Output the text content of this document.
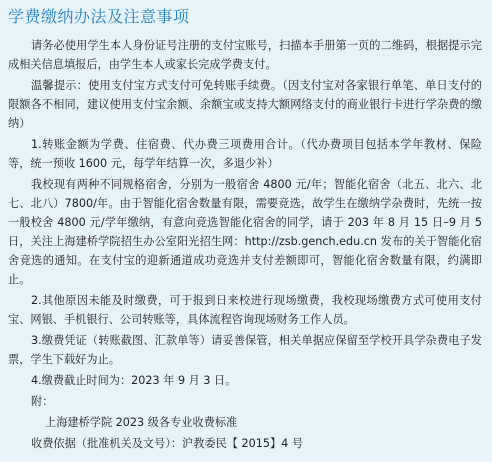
学费缴纳办法及注意事项

请务必使用学生本人身份证号注册的支付宝账号，扫描本手册第一页的二维码，根据提示完成相关信息填报后，由学生本人或家长完成学费支付。

温馨提示：使用支付宝方式支付可免转账手续费。（因支付宝对各家银行单笔、单日支付的限额各不相同，建议使用支付宝余额、余额宝或支持大额网络支付的商业银行卡进行学杂费的缴纳）

1.转账金额为学费、住宿费、代办费三项费用合计。（代办费项目包括本学年教材、保险等，统一预收 1600 元，每学年结算一次，多退少补）

我校现有两种不同规格宿舍，分别为一般宿舍 4800 元/年；智能化宿舍（北五、北六、北七、北八）7800/年。由于智能化宿舍数量有限，需要竞选，故学生在缴纳学杂费时，先统一按一般校舍 4800 元/学年缴纳，有意向竞选智能化宿舍的同学，请于 203 年 8 月 15 日–9 月 5 日，关注上海建桥学院招生办公室阳光招生网：http://zsb.gench.edu.cn 发布的关于智能化宿舍竞选的通知。在支付宝的迎新通道成功竞选并支付差额即可，智能化宿舍数量有限，约满即止。

2.其他原因未能及时缴费，可于报到日来校进行现场缴费，我校现场缴费方式可使用支付宝、网银、手机银行、公司转账等，具体流程咨询现场财务工作人员。

3.缴费凭证（转账截图、汇款单等）请妥善保管，相关单据应保留至学校开具学杂费电子发票，学生下载好为止。

4.缴费截止时间为：2023 年 9 月 3 日。
附：
上海建桥学院 2023 级各专业收费标准
收费依据（批准机关及文号）：沪教委民【 2015】4 号
